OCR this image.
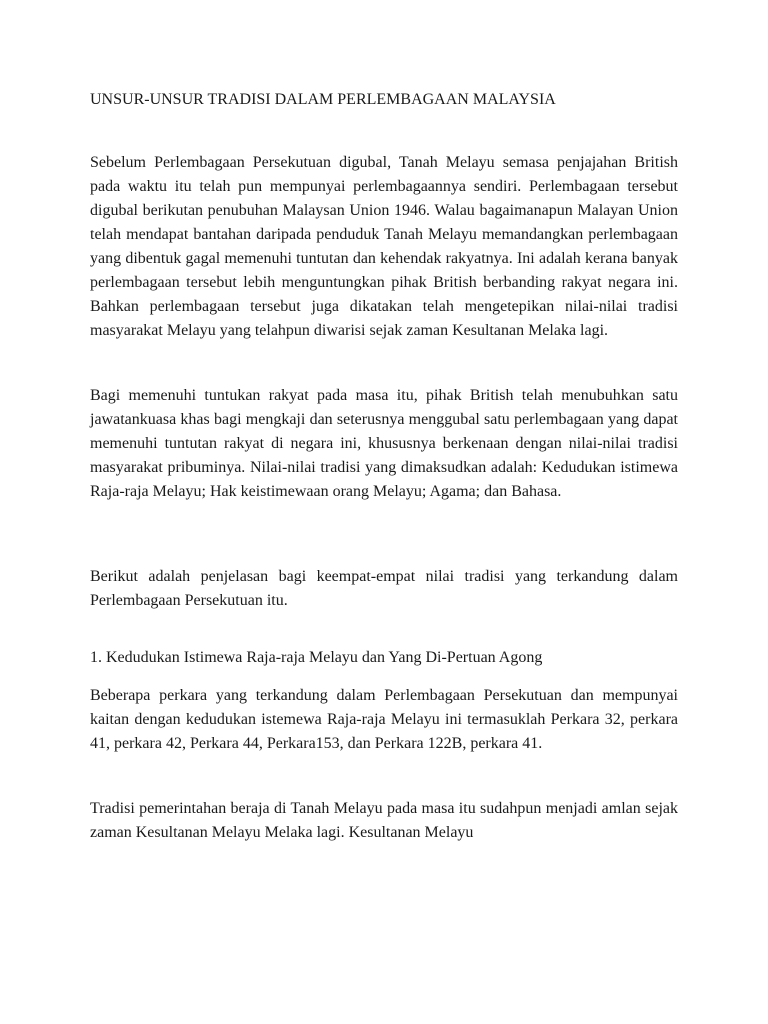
UNSUR-UNSUR TRADISI DALAM PERLEMBAGAAN MALAYSIA

Sebelum Perlembagaan Persekutuan digubal, Tanah Melayu semasa penjajahan British pada waktu itu telah pun mempunyai perlembagaannya sendiri. Perlembagaan tersebut digubal berikutan penubuhan Malaysan Union 1946. Walau bagaimanapun Malayan Union telah mendapat bantahan daripada penduduk Tanah Melayu memandangkan perlembagaan yang dibentuk gagal memenuhi tuntutan dan kehendak rakyatnya. Ini adalah kerana banyak perlembagaan tersebut lebih menguntungkan pihak British berbanding rakyat negara ini. Bahkan perlembagaan tersebut juga dikatakan telah mengetepikan nilai-nilai tradisi masyarakat Melayu yang telahpun diwarisi sejak zaman Kesultanan Melaka lagi.

Bagi memenuhi tuntukan rakyat pada masa itu, pihak British telah menubuhkan satu jawatankuasa khas bagi mengkaji dan seterusnya menggubal satu perlembagaan yang dapat memenuhi tuntutan rakyat di negara ini, khususnya berkenaan dengan nilai-nilai tradisi masyarakat pribuminya. Nilai-nilai tradisi yang dimaksudkan adalah: Kedudukan istimewa Raja-raja Melayu; Hak keistimewaan orang Melayu; Agama; dan Bahasa.

Berikut adalah penjelasan bagi keempat-empat nilai tradisi yang terkandung dalam Perlembagaan Persekutuan itu.

1. Kedudukan Istimewa Raja-raja Melayu dan Yang Di-Pertuan Agong

Beberapa perkara yang terkandung dalam Perlembagaan Persekutuan dan mempunyai kaitan dengan kedudukan istemewa Raja-raja Melayu ini termasuklah Perkara 32, perkara 41, perkara 42, Perkara 44, Perkara153, dan Perkara 122B, perkara 41.

Tradisi pemerintahan beraja di Tanah Melayu pada masa itu sudahpun menjadi amlan sejak zaman Kesultanan Melayu Melaka lagi. Kesultanan Melayu
